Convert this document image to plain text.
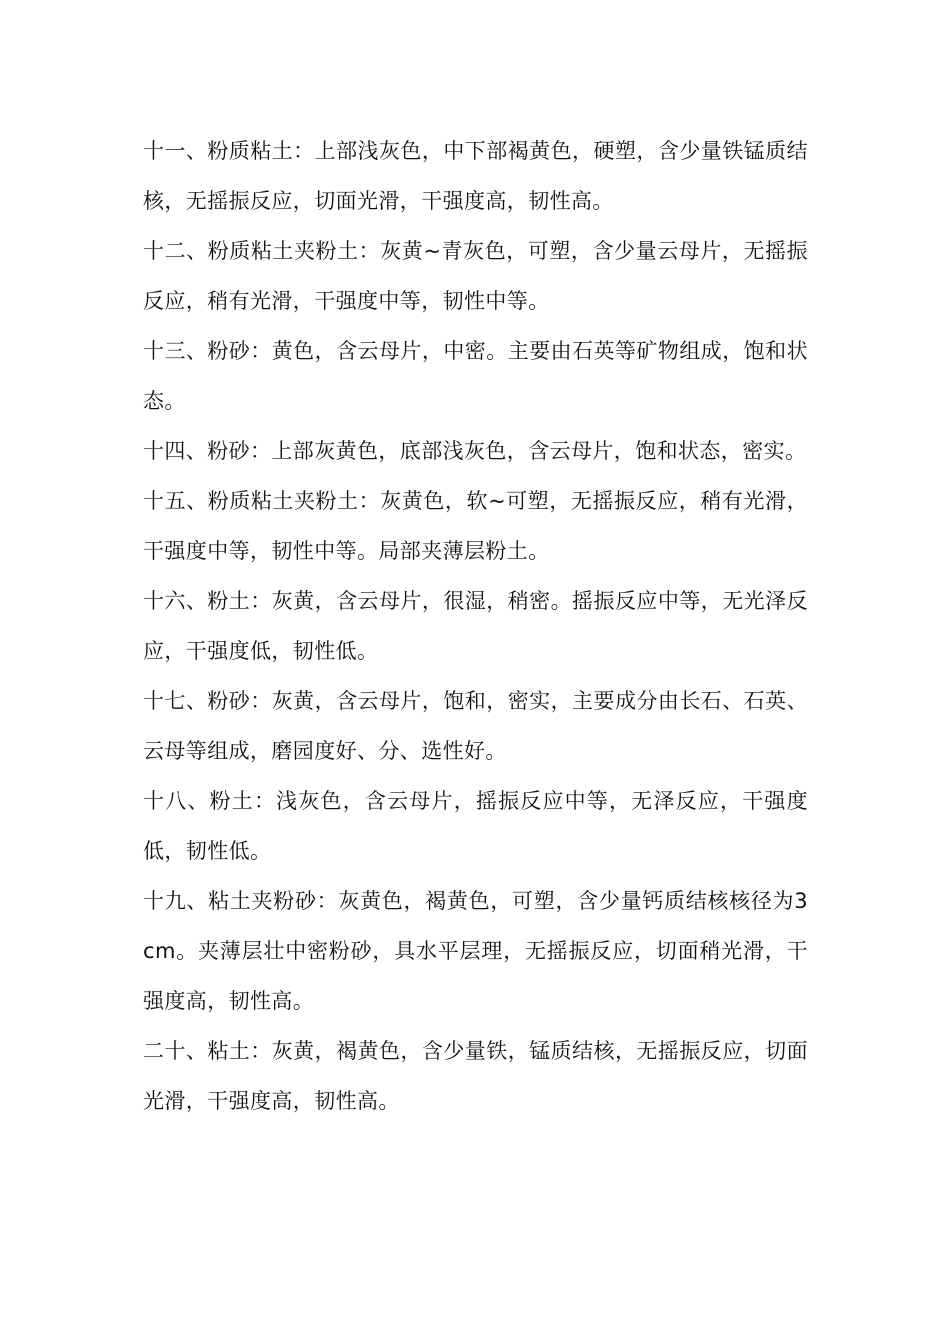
十一、粉质粘土：上部浅灰色，中下部褐黄色，硬塑，含少量铁锰质结核，无摇振反应，切面光滑，干强度高，韧性高。

十二、粉质粘土夹粉土：灰黄~青灰色，可塑，含少量云母片，无摇振反应，稍有光滑，干强度中等，韧性中等。

十三、粉砂：黄色，含云母片，中密。主要由石英等矿物组成，饱和状态。

十四、粉砂：上部灰黄色，底部浅灰色，含云母片，饱和状态，密实。

十五、粉质粘土夹粉土：灰黄色，软~可塑，无摇振反应，稍有光滑，干强度中等，韧性中等。局部夹薄层粉土。

十六、粉土：灰黄，含云母片，很湿，稍密。摇振反应中等，无光泽反应，干强度低，韧性低。

十七、粉砂：灰黄，含云母片，饱和，密实，主要成分由长石、石英、云母等组成，磨园度好、分、选性好。

十八、粉土：浅灰色，含云母片，摇振反应中等，无泽反应，干强度低，韧性低。

十九、粘土夹粉砂：灰黄色，褐黄色，可塑，含少量钙质结核核径为3cm。夹薄层壮中密粉砂，具水平层理，无摇振反应，切面稍光滑，干强度高，韧性高。

二十、粘土：灰黄，褐黄色，含少量铁，锰质结核，无摇振反应，切面光滑，干强度高，韧性高。
